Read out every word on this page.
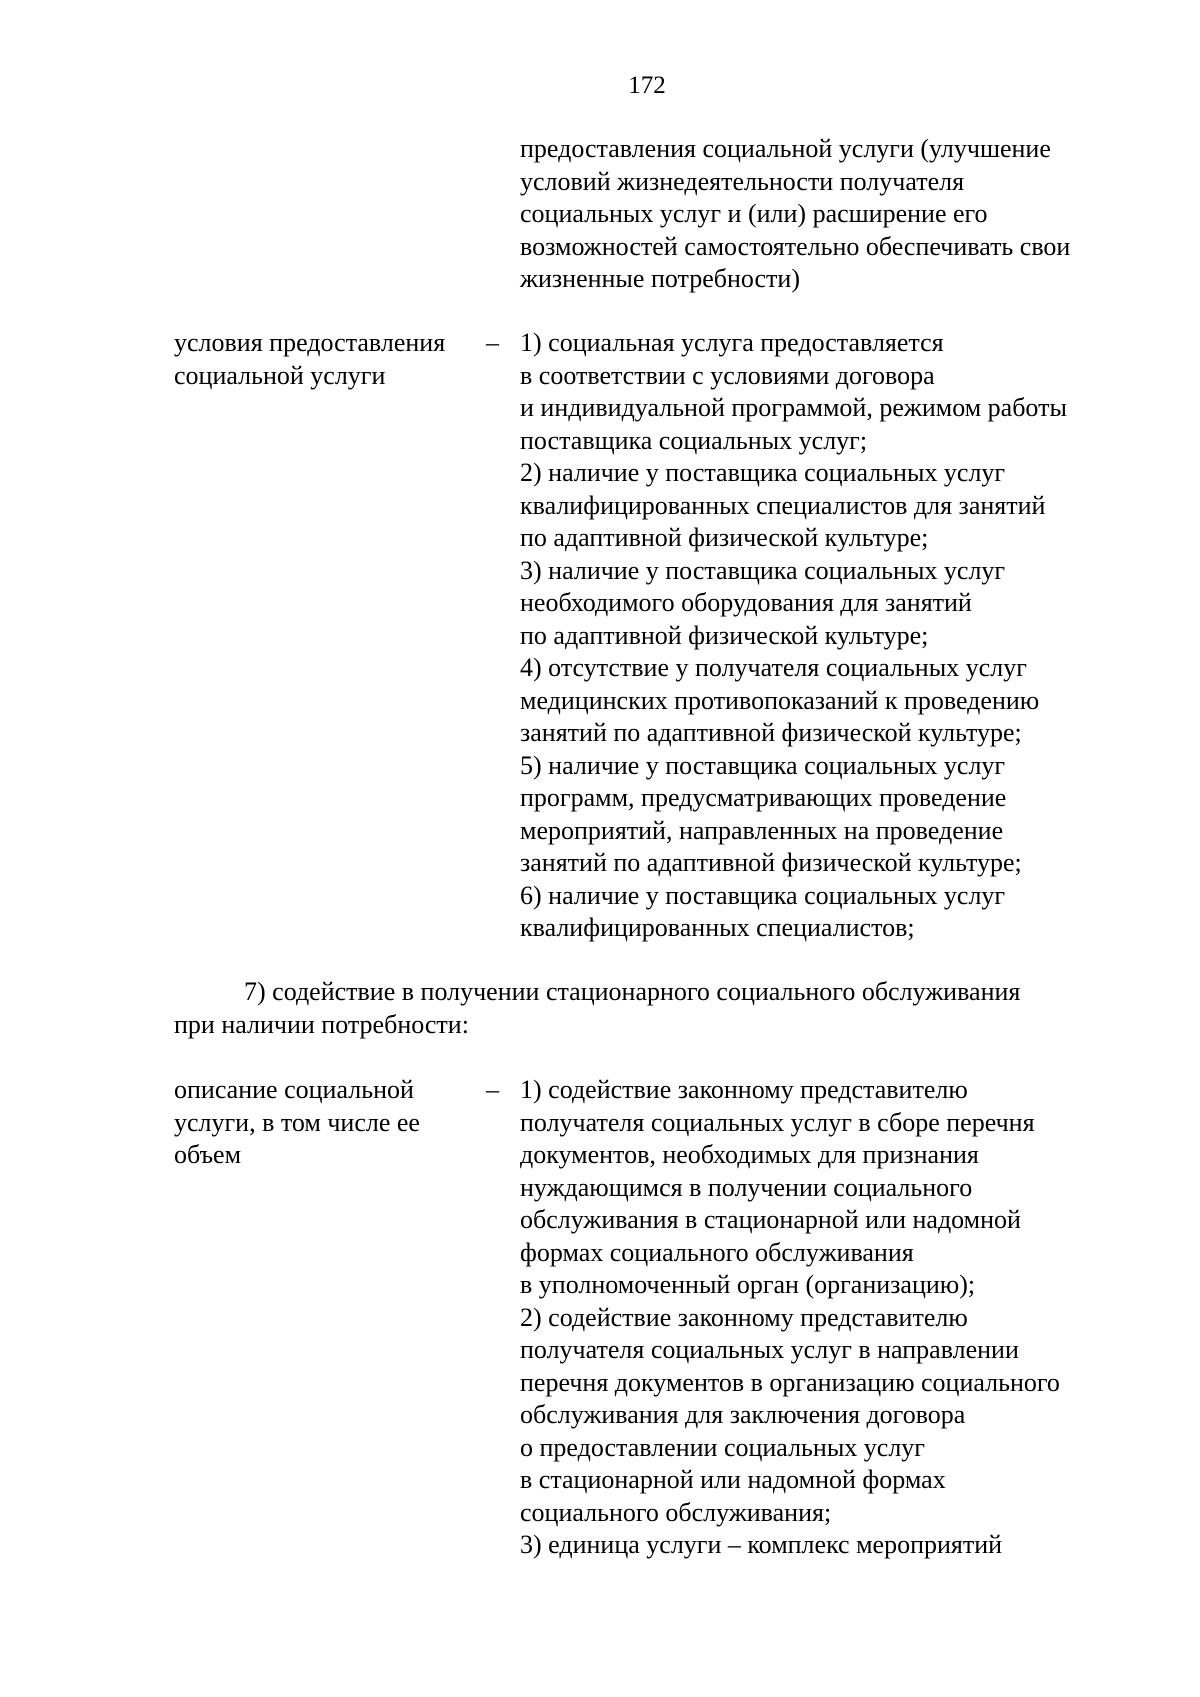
172
предоставления социальной услуги (улучшение
условий жизнедеятельности получателя
социальных услуг и (или) расширение его
возможностей самостоятельно обеспечивать свои
жизненные потребности)
условия предоставления
социальной услуги
– 1) социальная услуга предоставляется
в соответствии с условиями договора
и индивидуальной программой, режимом работы
поставщика социальных услуг;
2) наличие у поставщика социальных услуг
квалифицированных специалистов для занятий
по адаптивной физической культуре;
3) наличие у поставщика социальных услуг
необходимого оборудования для занятий
по адаптивной физической культуре;
4) отсутствие у получателя социальных услуг
медицинских противопоказаний к проведению
занятий по адаптивной физической культуре;
5) наличие у поставщика социальных услуг
программ, предусматривающих проведение
мероприятий, направленных на проведение
занятий по адаптивной физической культуре;
6) наличие у поставщика социальных услуг
квалифицированных специалистов;
7) содействие в получении стационарного социального обслуживания
при наличии потребности:
описание социальной
услуги, в том числе ее
объем
– 1) содействие законному представителю
получателя социальных услуг в сборе перечня
документов, необходимых для признания
нуждающимся в получении социального
обслуживания в стационарной или надомной
формах социального обслуживания
в уполномоченный орган (организацию);
2) содействие законному представителю
получателя социальных услуг в направлении
перечня документов в организацию социального
обслуживания для заключения договора
о предоставлении социальных услуг
в стационарной или надомной формах
социального обслуживания;
3) единица услуги – комплекс мероприятий
